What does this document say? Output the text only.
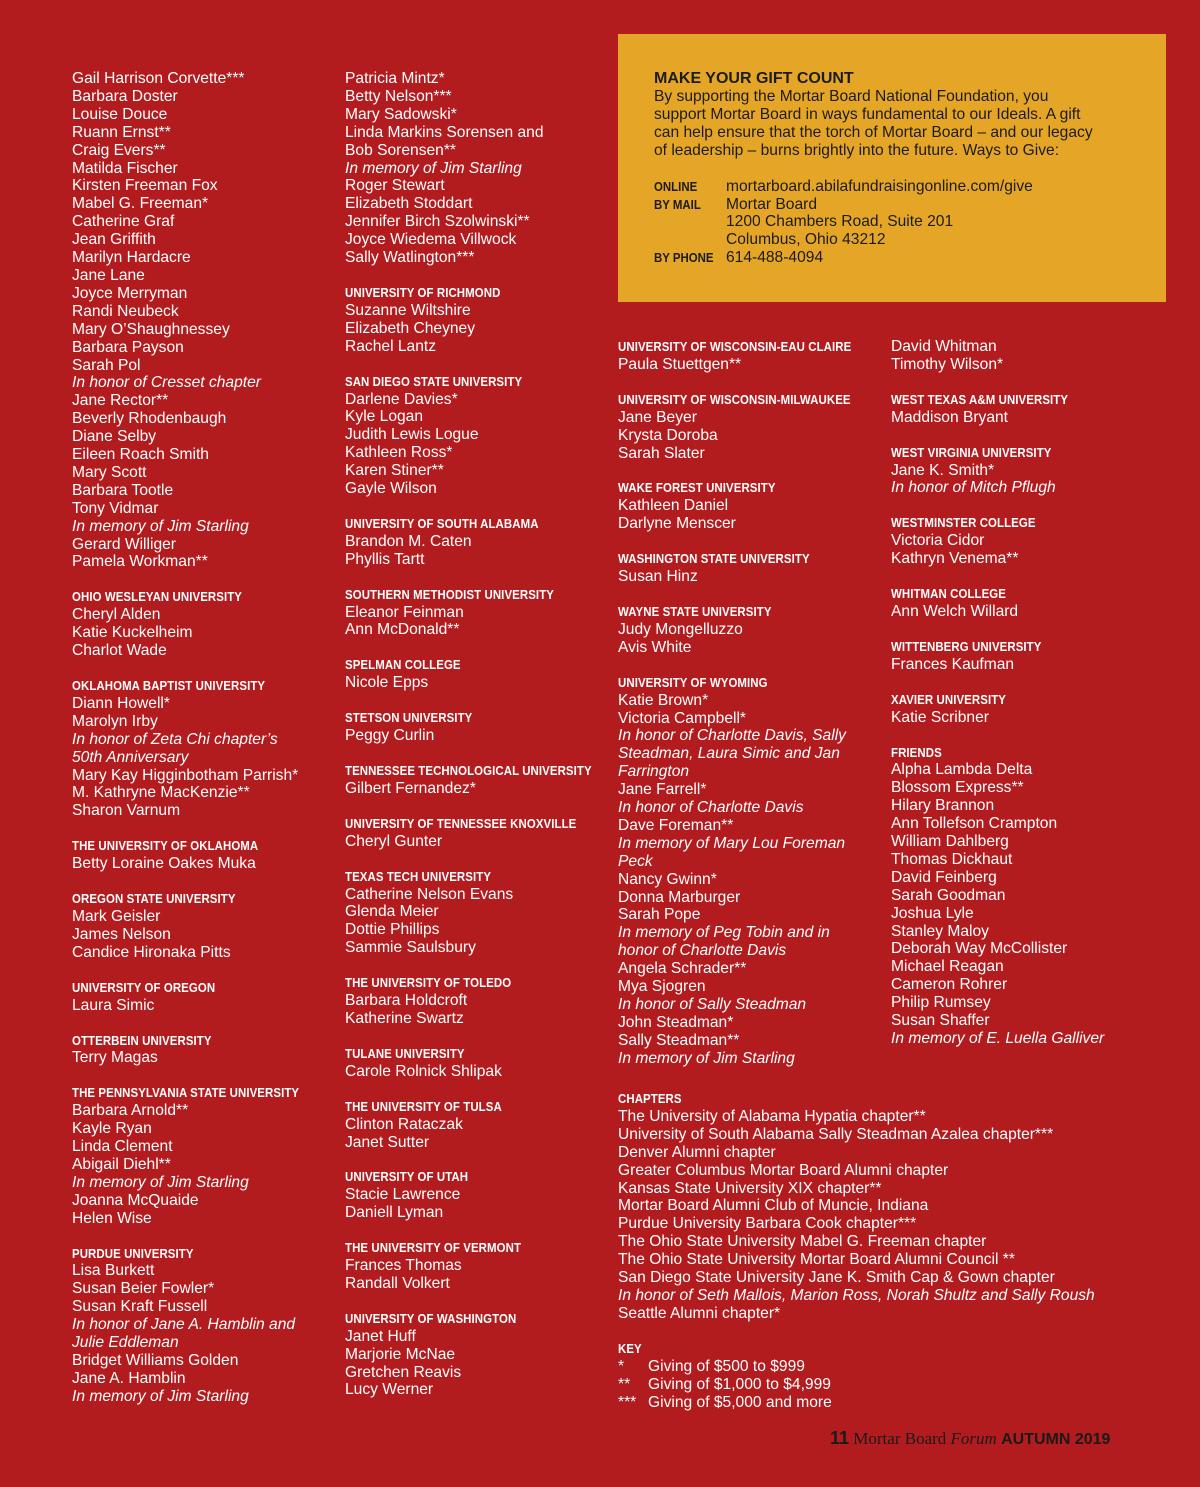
Gail Harrison Corvette***
Barbara Doster
Louise Douce
Ruann Ernst**
Craig Evers**
Matilda Fischer
Kirsten Freeman Fox
Mabel G. Freeman*
Catherine Graf
Jean Griffith
Marilyn Hardacre
Jane Lane
Joyce Merryman
Randi Neubeck
Mary O’Shaughnessey
Barbara Payson
Sarah Pol
In honor of Cresset chapter
Jane Rector**
Beverly Rhodenbaugh
Diane Selby
Eileen Roach Smith
Mary Scott
Barbara Tootle
Tony Vidmar
In memory of Jim Starling
Gerard Williger
Pamela Workman**
OHIO WESLEYAN UNIVERSITY
Cheryl Alden
Katie Kuckelheim
Charlot Wade
OKLAHOMA BAPTIST UNIVERSITY
Diann Howell*
Marolyn Irby
In honor of Zeta Chi chapter’s
50th Anniversary
Mary Kay Higginbotham Parrish*
M. Kathryne MacKenzie**
Sharon Varnum
THE UNIVERSITY OF OKLAHOMA
Betty Loraine Oakes Muka
OREGON STATE UNIVERSITY
Mark Geisler
James Nelson
Candice Hironaka Pitts
UNIVERSITY OF OREGON
Laura Simic
OTTERBEIN UNIVERSITY
Terry Magas
THE PENNSYLVANIA STATE UNIVERSITY
Barbara Arnold**
Kayle Ryan
Linda Clement
Abigail Diehl**
In memory of Jim Starling
Joanna McQuaide
Helen Wise
PURDUE UNIVERSITY
Lisa Burkett
Susan Beier Fowler*
Susan Kraft Fussell
In honor of Jane A. Hamblin and
Julie Eddleman
Bridget Williams Golden
Jane A. Hamblin
In memory of Jim Starling
Patricia Mintz*
Betty Nelson***
Mary Sadowski*
Linda Markins Sorensen and
Bob Sorensen**
In memory of Jim Starling
Roger Stewart
Elizabeth Stoddart
Jennifer Birch Szolwinski**
Joyce Wiedema Villwock
Sally Watlington***
UNIVERSITY OF RICHMOND
Suzanne Wiltshire
Elizabeth Cheyney
Rachel Lantz
SAN DIEGO STATE UNIVERSITY
Darlene Davies*
Kyle Logan
Judith Lewis Logue
Kathleen Ross*
Karen Stiner**
Gayle Wilson
UNIVERSITY OF SOUTH ALABAMA
Brandon M. Caten
Phyllis Tartt
SOUTHERN METHODIST UNIVERSITY
Eleanor Feinman
Ann McDonald**
SPELMAN COLLEGE
Nicole Epps
STETSON UNIVERSITY
Peggy Curlin
TENNESSEE TECHNOLOGICAL UNIVERSITY
Gilbert Fernandez*
UNIVERSITY OF TENNESSEE KNOXVILLE
Cheryl Gunter
TEXAS TECH UNIVERSITY
Catherine Nelson Evans
Glenda Meier
Dottie Phillips
Sammie Saulsbury
THE UNIVERSITY OF TOLEDO
Barbara Holdcroft
Katherine Swartz
TULANE UNIVERSITY
Carole Rolnick Shlipak
THE UNIVERSITY OF TULSA
Clinton Rataczak
Janet Sutter
UNIVERSITY OF UTAH
Stacie Lawrence
Daniell Lyman
THE UNIVERSITY OF VERMONT
Frances Thomas
Randall Volkert
UNIVERSITY OF WASHINGTON
Janet Huff
Marjorie McNae
Gretchen Reavis
Lucy Werner
UNIVERSITY OF WISCONSIN-EAU CLAIRE
Paula Stuettgen**
UNIVERSITY OF WISCONSIN-MILWAUKEE
Jane Beyer
Krysta Doroba
Sarah Slater
WAKE FOREST UNIVERSITY
Kathleen Daniel
Darlyne Menscer
WASHINGTON STATE UNIVERSITY
Susan Hinz
WAYNE STATE UNIVERSITY
Judy Mongelluzzo
Avis White
UNIVERSITY OF WYOMING
Katie Brown*
Victoria Campbell*
In honor of Charlotte Davis, Sally
Steadman, Laura Simic and Jan
Farrington
Jane Farrell*
In honor of Charlotte Davis
Dave Foreman**
In memory of Mary Lou Foreman
Peck
Nancy Gwinn*
Donna Marburger
Sarah Pope
In memory of Peg Tobin and in
honor of Charlotte Davis
Angela Schrader**
Mya Sjogren
In honor of Sally Steadman
John Steadman*
Sally Steadman**
In memory of Jim Starling
David Whitman
Timothy Wilson*
WEST TEXAS A&M UNIVERSITY
Maddison Bryant
WEST VIRGINIA UNIVERSITY
Jane K. Smith*
In honor of Mitch Pflugh
WESTMINSTER COLLEGE
Victoria Cidor
Kathryn Venema**
WHITMAN COLLEGE
Ann Welch Willard
WITTENBERG UNIVERSITY
Frances Kaufman
XAVIER UNIVERSITY
Katie Scribner
FRIENDS
Alpha Lambda Delta
Blossom Express**
Hilary Brannon
Ann Tollefson Crampton
William Dahlberg
Thomas Dickhaut
David Feinberg
Sarah Goodman
Joshua Lyle
Stanley Maloy
Deborah Way McCollister
Michael Reagan
Cameron Rohrer
Philip Rumsey
Susan Shaffer
In memory of E. Luella Galliver
MAKE YOUR GIFT COUNT
By supporting the Mortar Board National Foundation, you
support Mortar Board in ways fundamental to our Ideals. A gift
can help ensure that the torch of Mortar Board – and our legacy
of leadership – burns brightly into the future. Ways to Give:
ONLINE	mortarboard.abilafundraisingonline.com/give
BY MAIL	Mortar Board
1200 Chambers Road, Suite 201
Columbus, Ohio 43212
BY PHONE 614-488-4094
CHAPTERS
The University of Alabama Hypatia chapter**
University of South Alabama Sally Steadman Azalea chapter***
Denver Alumni chapter
Greater Columbus Mortar Board Alumni chapter
Kansas State University XIX chapter**
Mortar Board Alumni Club of Muncie, Indiana
Purdue University Barbara Cook chapter***
The Ohio State University Mabel G. Freeman chapter
The Ohio State University Mortar Board Alumni Council **
San Diego State University Jane K. Smith Cap & Gown chapter
In honor of Seth Mallois, Marion Ross, Norah Shultz and Sally Roush
Seattle Alumni chapter*
KEY
*	Giving of $500 to $999
**	Giving of $1,000 to $4,999
*** Giving of $5,000 and more
11 Mortar Board Forum AUTUMN 2019
